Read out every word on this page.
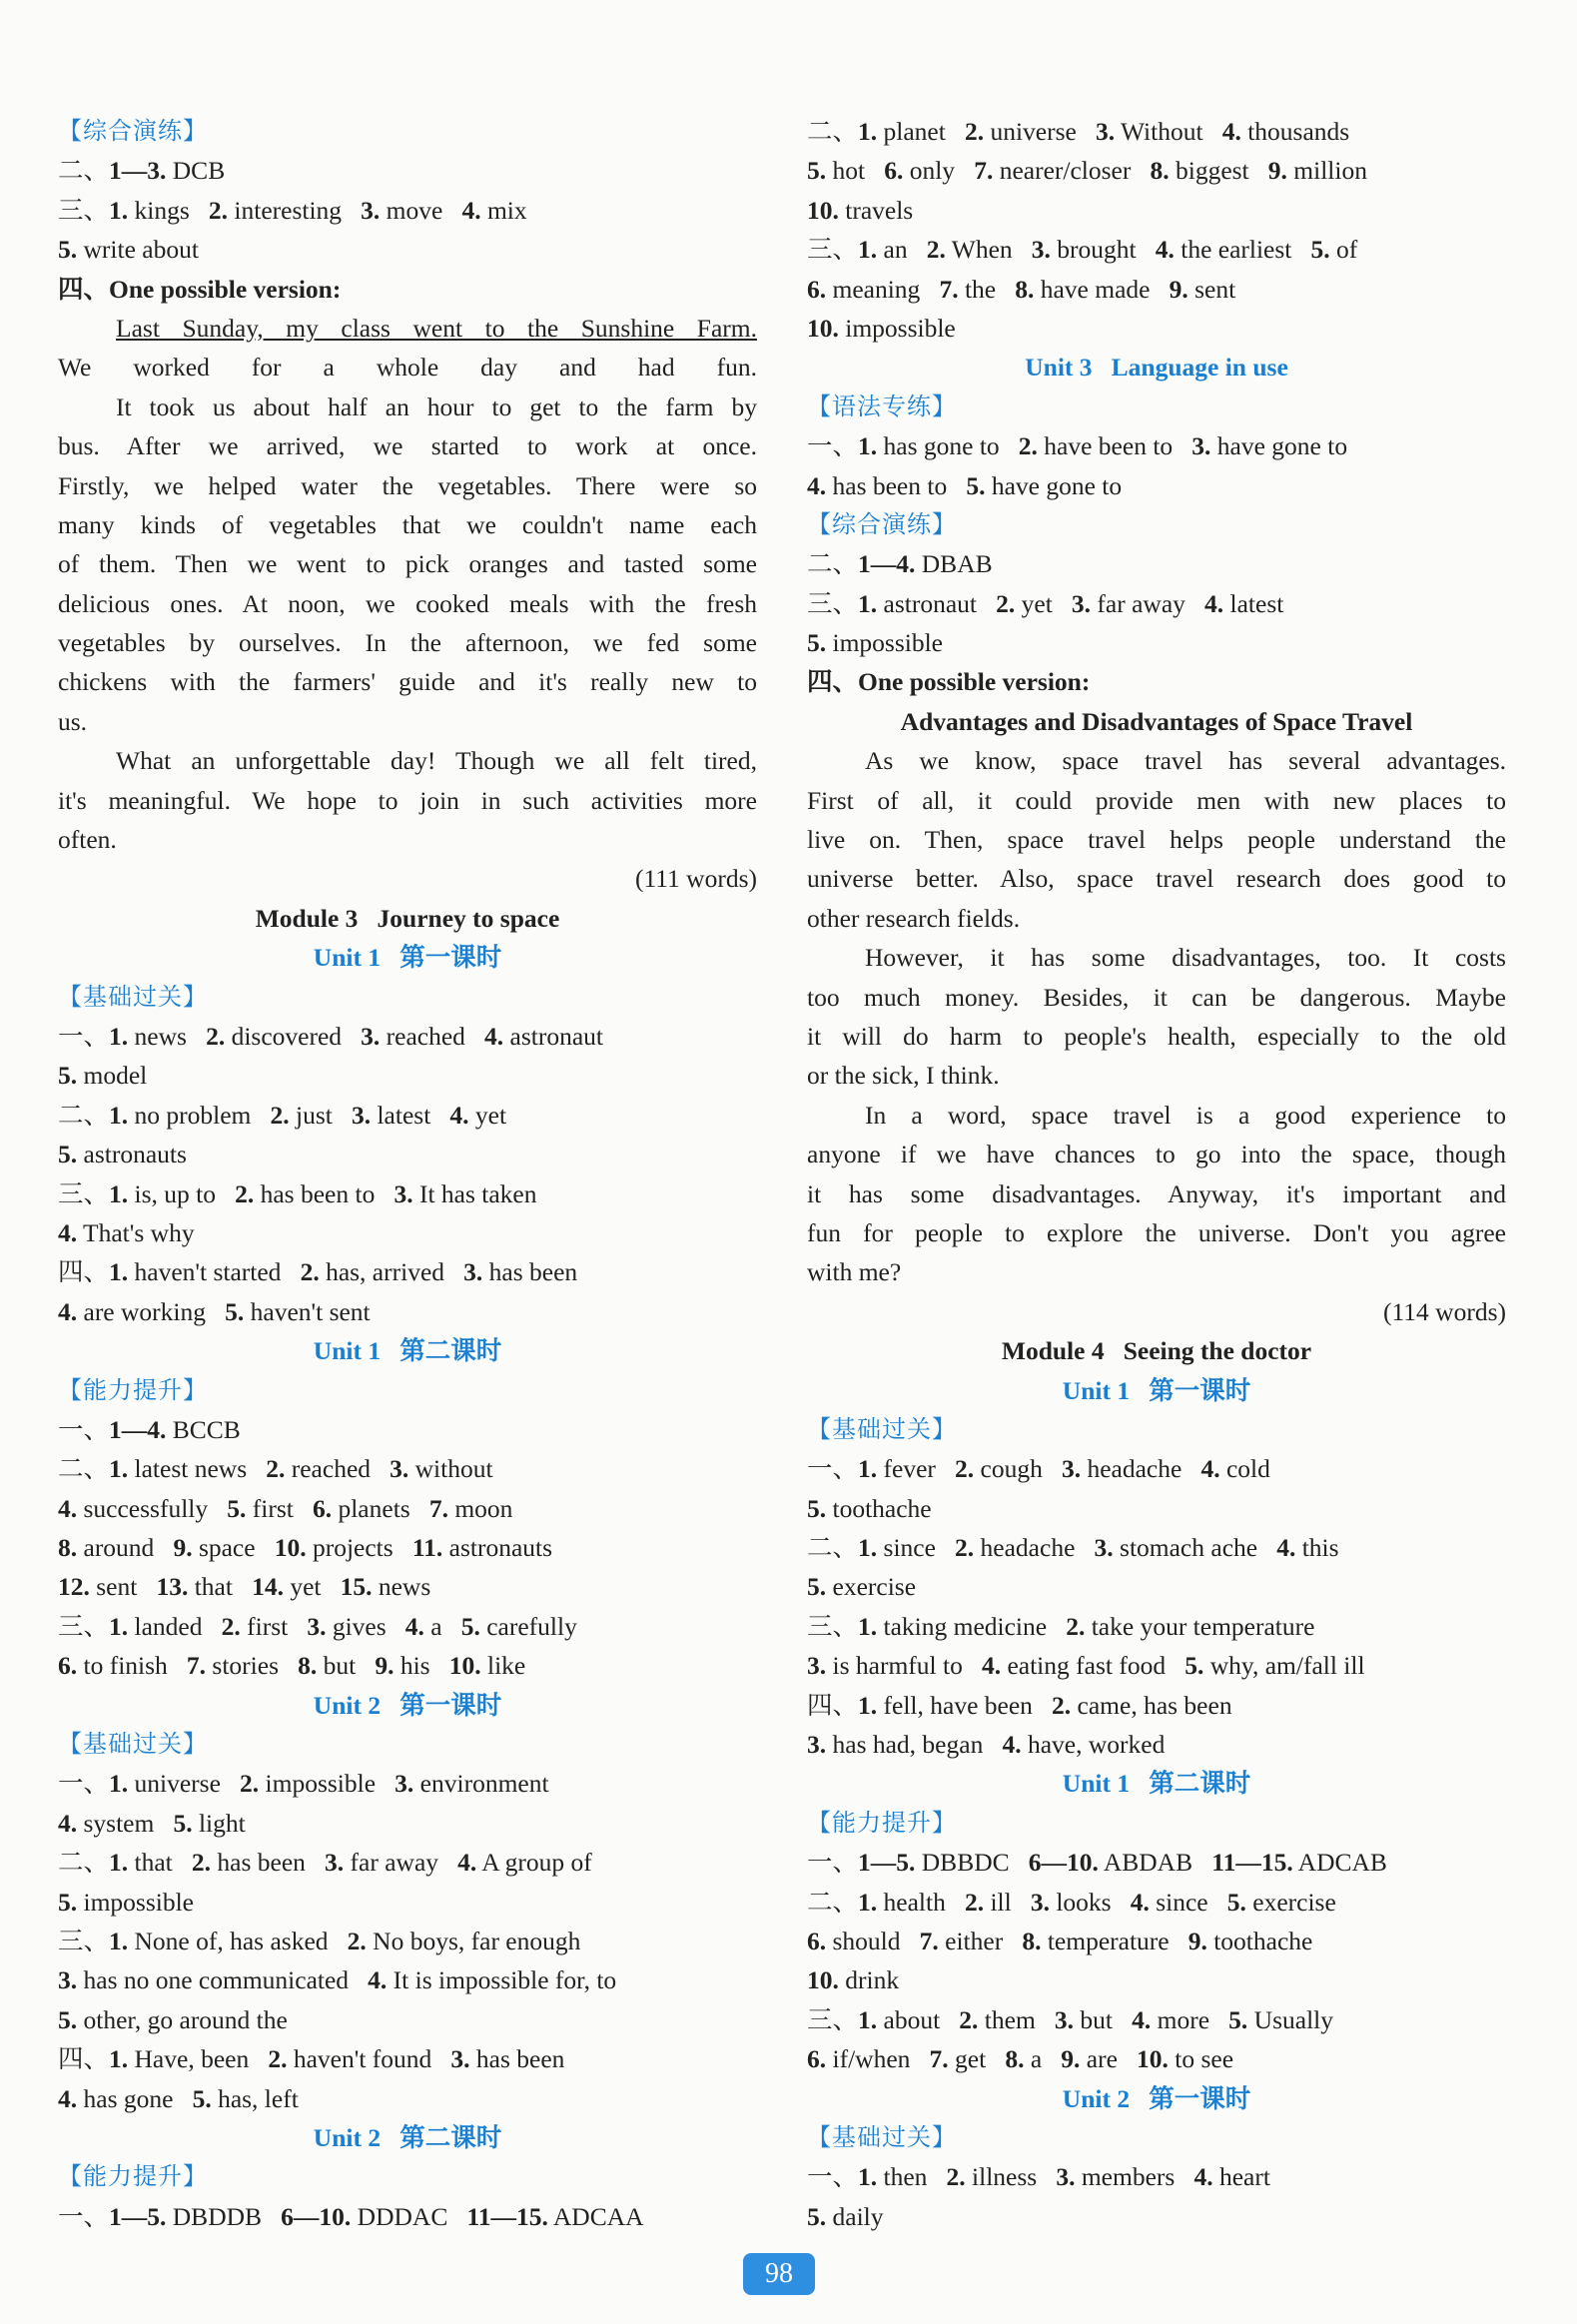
【综合演练】
二、1—3. DCB
三、1. kings   2. interesting   3. move   4. mix
5. write about
四、One possible version:
Last Sunday, my class went to the Sunshine Farm.
We worked for a whole day and had fun.
It took us about half an hour to get to the farm by
bus. After we arrived, we started to work at once.
Firstly, we helped water the vegetables. There were so
many kinds of vegetables that we couldn't name each
of them. Then we went to pick oranges and tasted some
delicious ones. At noon, we cooked meals with the fresh
vegetables by ourselves. In the afternoon, we fed some
chickens with the farmers' guide and it's really new to
us.
What an unforgettable day! Though we all felt tired,
it's meaningful. We hope to join in such activities more
often.
(111 words)
Module 3   Journey to space
Unit 1   第一课时
【基础过关】
一、1. news   2. discovered   3. reached   4. astronaut
5. model
二、1. no problem   2. just   3. latest   4. yet
5. astronauts
三、1. is, up to   2. has been to   3. It has taken
4. That's why
四、1. haven't started   2. has, arrived   3. has been
4. are working   5. haven't sent
Unit 1   第二课时
【能力提升】
一、1—4. BCCB
二、1. latest news   2. reached   3. without
4. successfully   5. first   6. planets   7. moon
8. around   9. space   10. projects   11. astronauts
12. sent   13. that   14. yet   15. news
三、1. landed   2. first   3. gives   4. a   5. carefully
6. to finish   7. stories   8. but   9. his   10. like
Unit 2   第一课时
【基础过关】
一、1. universe   2. impossible   3. environment
4. system   5. light
二、1. that   2. has been   3. far away   4. A group of
5. impossible
三、1. None of, has asked   2. No boys, far enough
3. has no one communicated   4. It is impossible for, to
5. other, go around the
四、1. Have, been   2. haven't found   3. has been
4. has gone   5. has, left
Unit 2   第二课时
【能力提升】
一、1—5. DBDDB   6—10. DDDAC   11—15. ADCAA
二、1. planet   2. universe   3. Without   4. thousands
5. hot   6. only   7. nearer/closer   8. biggest   9. million
10. travels
三、1. an   2. When   3. brought   4. the earliest   5. of
6. meaning   7. the   8. have made   9. sent
10. impossible
Unit 3   Language in use
【语法专练】
一、1. has gone to   2. have been to   3. have gone to
4. has been to   5. have gone to
【综合演练】
二、1—4. DBAB
三、1. astronaut   2. yet   3. far away   4. latest
5. impossible
四、One possible version:
Advantages and Disadvantages of Space Travel
As we know, space travel has several advantages.
First of all, it could provide men with new places to
live on. Then, space travel helps people understand the
universe better. Also, space travel research does good to
other research fields.
However, it has some disadvantages, too. It costs
too much money. Besides, it can be dangerous. Maybe
it will do harm to people's health, especially to the old
or the sick, I think.
In a word, space travel is a good experience to
anyone if we have chances to go into the space, though
it has some disadvantages. Anyway, it's important and
fun for people to explore the universe. Don't you agree
with me?
(114 words)
Module 4   Seeing the doctor
Unit 1   第一课时
【基础过关】
一、1. fever   2. cough   3. headache   4. cold
5. toothache
二、1. since   2. headache   3. stomach ache   4. this
5. exercise
三、1. taking medicine   2. take your temperature
3. is harmful to   4. eating fast food   5. why, am/fall ill
四、1. fell, have been   2. came, has been
3. has had, began   4. have, worked
Unit 1   第二课时
【能力提升】
一、1—5. DBBDC   6—10. ABDAB   11—15. ADCAB
二、1. health   2. ill   3. looks   4. since   5. exercise
6. should   7. either   8. temperature   9. toothache
10. drink
三、1. about   2. them   3. but   4. more   5. Usually
6. if/when   7. get   8. a   9. are   10. to see
Unit 2   第一课时
【基础过关】
一、1. then   2. illness   3. members   4. heart
5. daily
98
